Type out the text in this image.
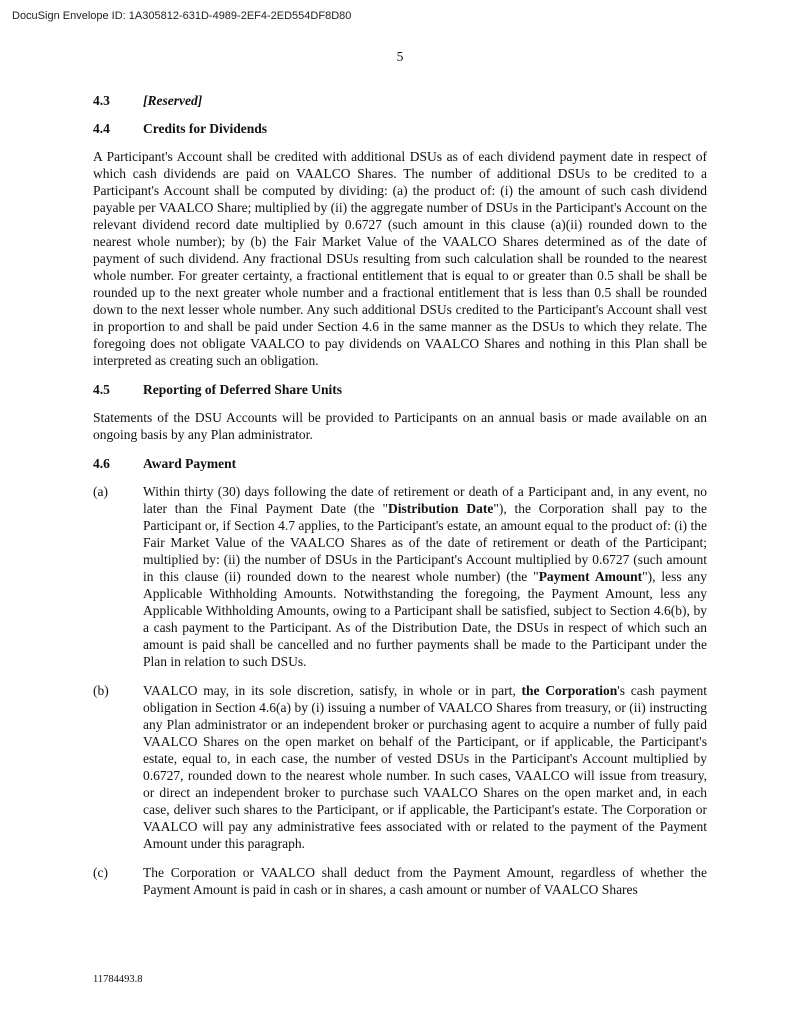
DocuSign Envelope ID: 1A305812-631D-4989-2EF4-2ED554DF8D80
5
4.3	[Reserved]
4.4	Credits for Dividends

A Participant's Account shall be credited with additional DSUs as of each dividend payment date in respect of which cash dividends are paid on VAALCO Shares. The number of additional DSUs to be credited to a Participant's Account shall be computed by dividing: (a) the product of: (i) the amount of such cash dividend payable per VAALCO Share; multiplied by (ii) the aggregate number of DSUs in the Participant's Account on the relevant dividend record date multiplied by 0.6727 (such amount in this clause (a)(ii) rounded down to the nearest whole number); by (b) the Fair Market Value of the VAALCO Shares determined as of the date of payment of such dividend. Any fractional DSUs resulting from such calculation shall be rounded to the nearest whole number. For greater certainty, a fractional entitlement that is equal to or greater than 0.5 shall be shall be rounded up to the next greater whole number and a fractional entitlement that is less than 0.5 shall be rounded down to the next lesser whole number. Any such additional DSUs credited to the Participant's Account shall vest in proportion to and shall be paid under Section 4.6 in the same manner as the DSUs to which they relate. The foregoing does not obligate VAALCO to pay dividends on VAALCO Shares and nothing in this Plan shall be interpreted as creating such an obligation.

4.5	Reporting of Deferred Share Units

Statements of the DSU Accounts will be provided to Participants on an annual basis or made available on an ongoing basis by any Plan administrator.

4.6	Award Payment
(a)	Within thirty (30) days following the date of retirement or death of a Participant and, in any event, no later than the Final Payment Date (the "Distribution Date"), the Corporation shall pay to the Participant or, if Section 4.7 applies, to the Participant's estate, an amount equal to the product of: (i) the Fair Market Value of the VAALCO Shares as of the date of retirement or death of the Participant; multiplied by: (ii) the number of DSUs in the Participant's Account multiplied by 0.6727 (such amount in this clause (ii) rounded down to the nearest whole number) (the "Payment Amount"), less any Applicable Withholding Amounts. Notwithstanding the foregoing, the Payment Amount, less any Applicable Withholding Amounts, owing to a Participant shall be satisfied, subject to Section 4.6(b), by a cash payment to the Participant. As of the Distribution Date, the DSUs in respect of which such an amount is paid shall be cancelled and no further payments shall be made to the Participant under the Plan in relation to such DSUs.
(b)	VAALCO may, in its sole discretion, satisfy, in whole or in part, the Corporation's cash payment obligation in Section 4.6(a) by (i) issuing a number of VAALCO Shares from treasury, or (ii) instructing any Plan administrator or an independent broker or purchasing agent to acquire a number of fully paid VAALCO Shares on the open market on behalf of the Participant, or if applicable, the Participant's estate, equal to, in each case, the number of vested DSUs in the Participant's Account multiplied by 0.6727, rounded down to the nearest whole number. In such cases, VAALCO will issue from treasury, or direct an independent broker to purchase such VAALCO Shares on the open market and, in each case, deliver such shares to the Participant, or if applicable, the Participant's estate. The Corporation or VAALCO will pay any administrative fees associated with or related to the payment of the Payment Amount under this paragraph.
(c)	The Corporation or VAALCO shall deduct from the Payment Amount, regardless of whether the Payment Amount is paid in cash or in shares, a cash amount or number of VAALCO Shares
11784493.8
